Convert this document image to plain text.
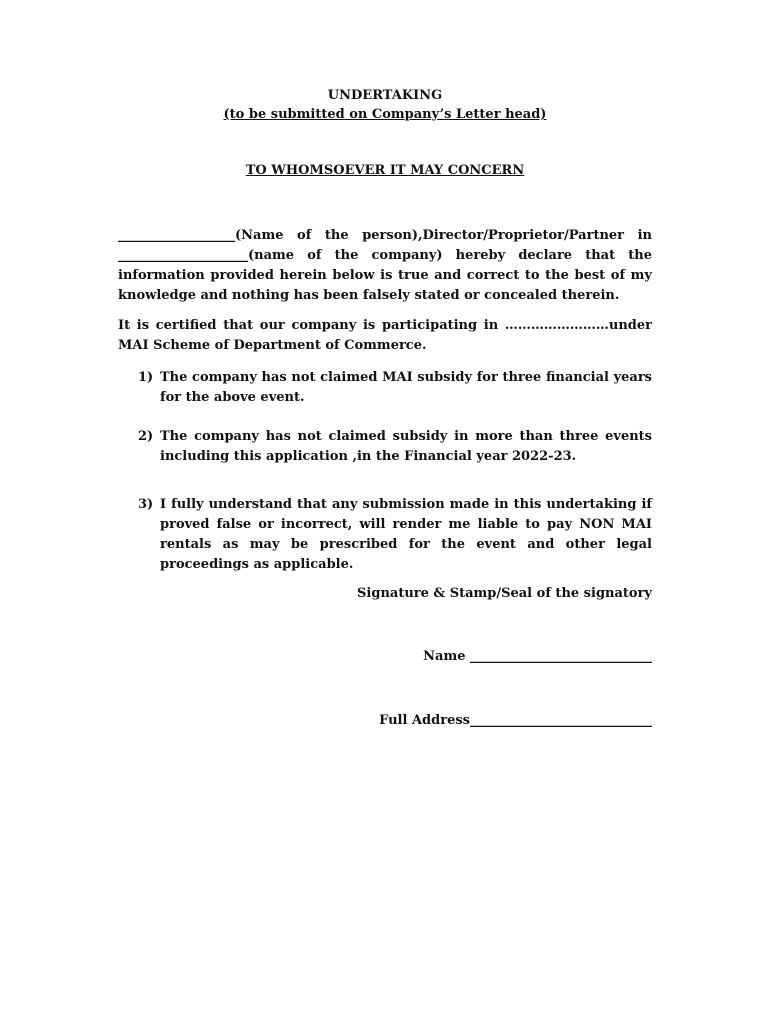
UNDERTAKING
(to be submitted on Company’s Letter head)
TO WHOMSOEVER IT MAY CONCERN
__________________(Name of the person),Director/Proprietor/Partner in
____________________(name of the company) hereby declare that the information provided herein below is true and correct to the best of my knowledge and nothing has been falsely stated or concealed therein.
It is certified that our company is participating in ……………………under MAI Scheme of Department of Commerce.
1) The company has not claimed MAI subsidy for three financial years for the above event.
2) The company has not claimed subsidy in more than three events including this application ,in the Financial year 2022-23.
3) I fully understand that any submission made in this undertaking if proved false or incorrect, will render me liable to pay NON MAI rentals as may be prescribed for the event and other legal proceedings as applicable.
Signature & Stamp/Seal of the signatory
Name ____________________________
Full Address____________________________
